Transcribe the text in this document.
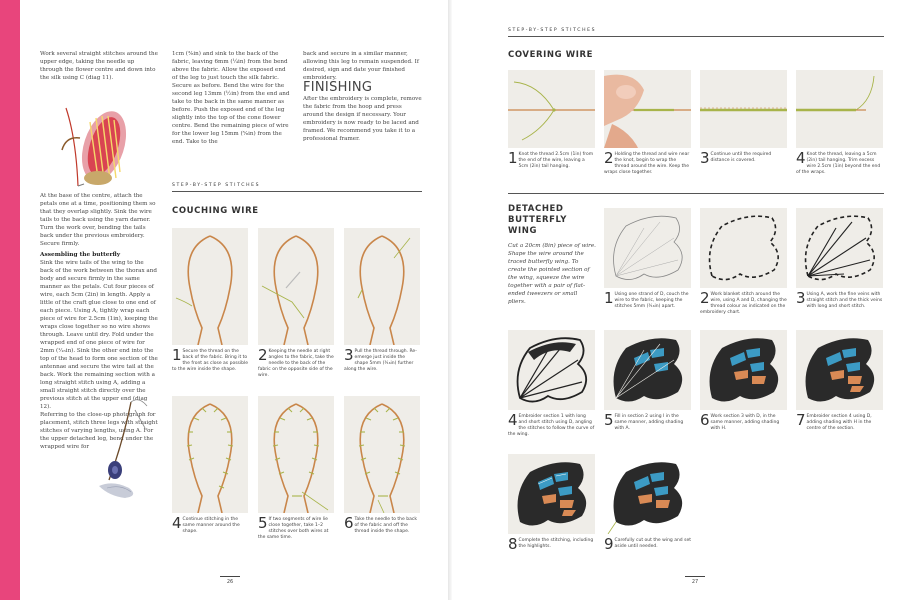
Work several straight stitches around the upper edge, taking the needle up through the flower centre and down into the silk using C (diag 11).

At the base of the centre, attach the petals one at a time, positioning them so that they overlap slightly. Sink the wire tails to the back using the yarn darner. Turn the work over, bending the tails back under the previous embroidery. Secure firmly.

Assembling the butterfly

Sink the wire tails of the wing to the back of the work between the thorax and body and secure firmly in the same manner as the petals. Cut four pieces of wire, each 5cm (2in) in length. Apply a little of the craft glue close to one end of each piece. Using A, tightly wrap each piece of wire for 2.5cm (1in), keeping the wraps close together so no wire shows through. Leave until dry. Fold under the wrapped end of one piece of wire for 2mm (¹⁄₁₆in). Sink the other end into the top of the head to form one section of the antennae and secure the wire tail at the back. Work the remaining section with a long straight stitch using A, adding a small straight stitch directly over the previous stitch at the upper end (diag 12).

Referring to the close-up photograph for placement, stitch three legs with straight stitches of varying lengths, using A. For the upper detached leg, bend under the wrapped wire for

1cm (³⁄₈in) and sink to the back of the fabric, leaving 6mm (¼in) from the bend above the fabric. Allow the exposed end of the leg to just touch the silk fabric. Secure as before. Bend the wire for the second leg 13mm (½in) from the end and take to the back in the same manner as before. Push the exposed end of the leg slightly into the top of the cone flower centre. Bend the remaining piece of wire for the lower leg 15mm (⁵⁄₈in) from the end. Take to the

back and secure in a similar manner, allowing this leg to remain suspended. If desired, sign and date your finished embroidery.

FINISHING

After the embroidery is complete, remove the fabric from the hoop and press around the design if necessary. Your embroidery is now ready to be laced and framed. We recommend you take it to a professional framer.

STEP-BY-STEP STITCHES
COUCHING WIRE
1 Secure the thread on the back of the fabric. Bring it to the front as close as possible to the wire inside the shape.
2 Keeping the needle at right angles to the fabric, take the needle to the back of the fabric on the opposite side of the wire.
3 Pull the thread through. Re-emerge just inside the shape 5mm (³⁄₁₆in) further along the wire.
4 Continue stitching in the same manner around the shape.	5 If two segments of wire lie close together, take 1–2 stitches over both wires at the same time.
6 Take the needle to the back of the fabric and off the thread inside the shape.
26
STEP-BY-STEP STITCHES
COVERING WIRE
1 Knot the thread 2.5cm (1in) from the end of the wire, leaving a 5cm (2in) tail hanging.	2 Holding the thread and wire near the knot, begin to wrap the thread around the wire. Keep the wraps close together.
3 Continue until the required distance is covered.	4 Knot the thread, leaving a 5cm (2in) tail hanging. Trim excess wire 2.5cm (1in) beyond the end of the wraps.
DETACHED
BUTTERFLY
WING
Cut a 20cm (8in) piece of wire. Shape the wire around the traced butterfly wing. To create the pointed section of the wing, squeeze the wire together with a pair of flat-ended tweezers or small pliers.	1 Using one strand of D, couch the wire to the fabric, keeping the stitches 5mm (³⁄₁₆in) apart.	2 Work blanket stitch around the wire, using A and D, changing the thread colour as indicated on the embroidery chart.
3 Using A, work the fine veins with straight stitch and the thick veins with long and short stitch.
4 Embroider section 1 with long and short stitch using D, angling the stitches to follow the curve of the wing.
5 Fill in section 2 using I in the same manner, adding shading with A.	6 Work section 3 with D, in the same manner, adding shading with H.	7 Embroider section 4 using D, adding shading with H in the centre of the section.
8 Complete the stitching, including the highlights.	9 Carefully cut out the wing and set aside until needed.
27
